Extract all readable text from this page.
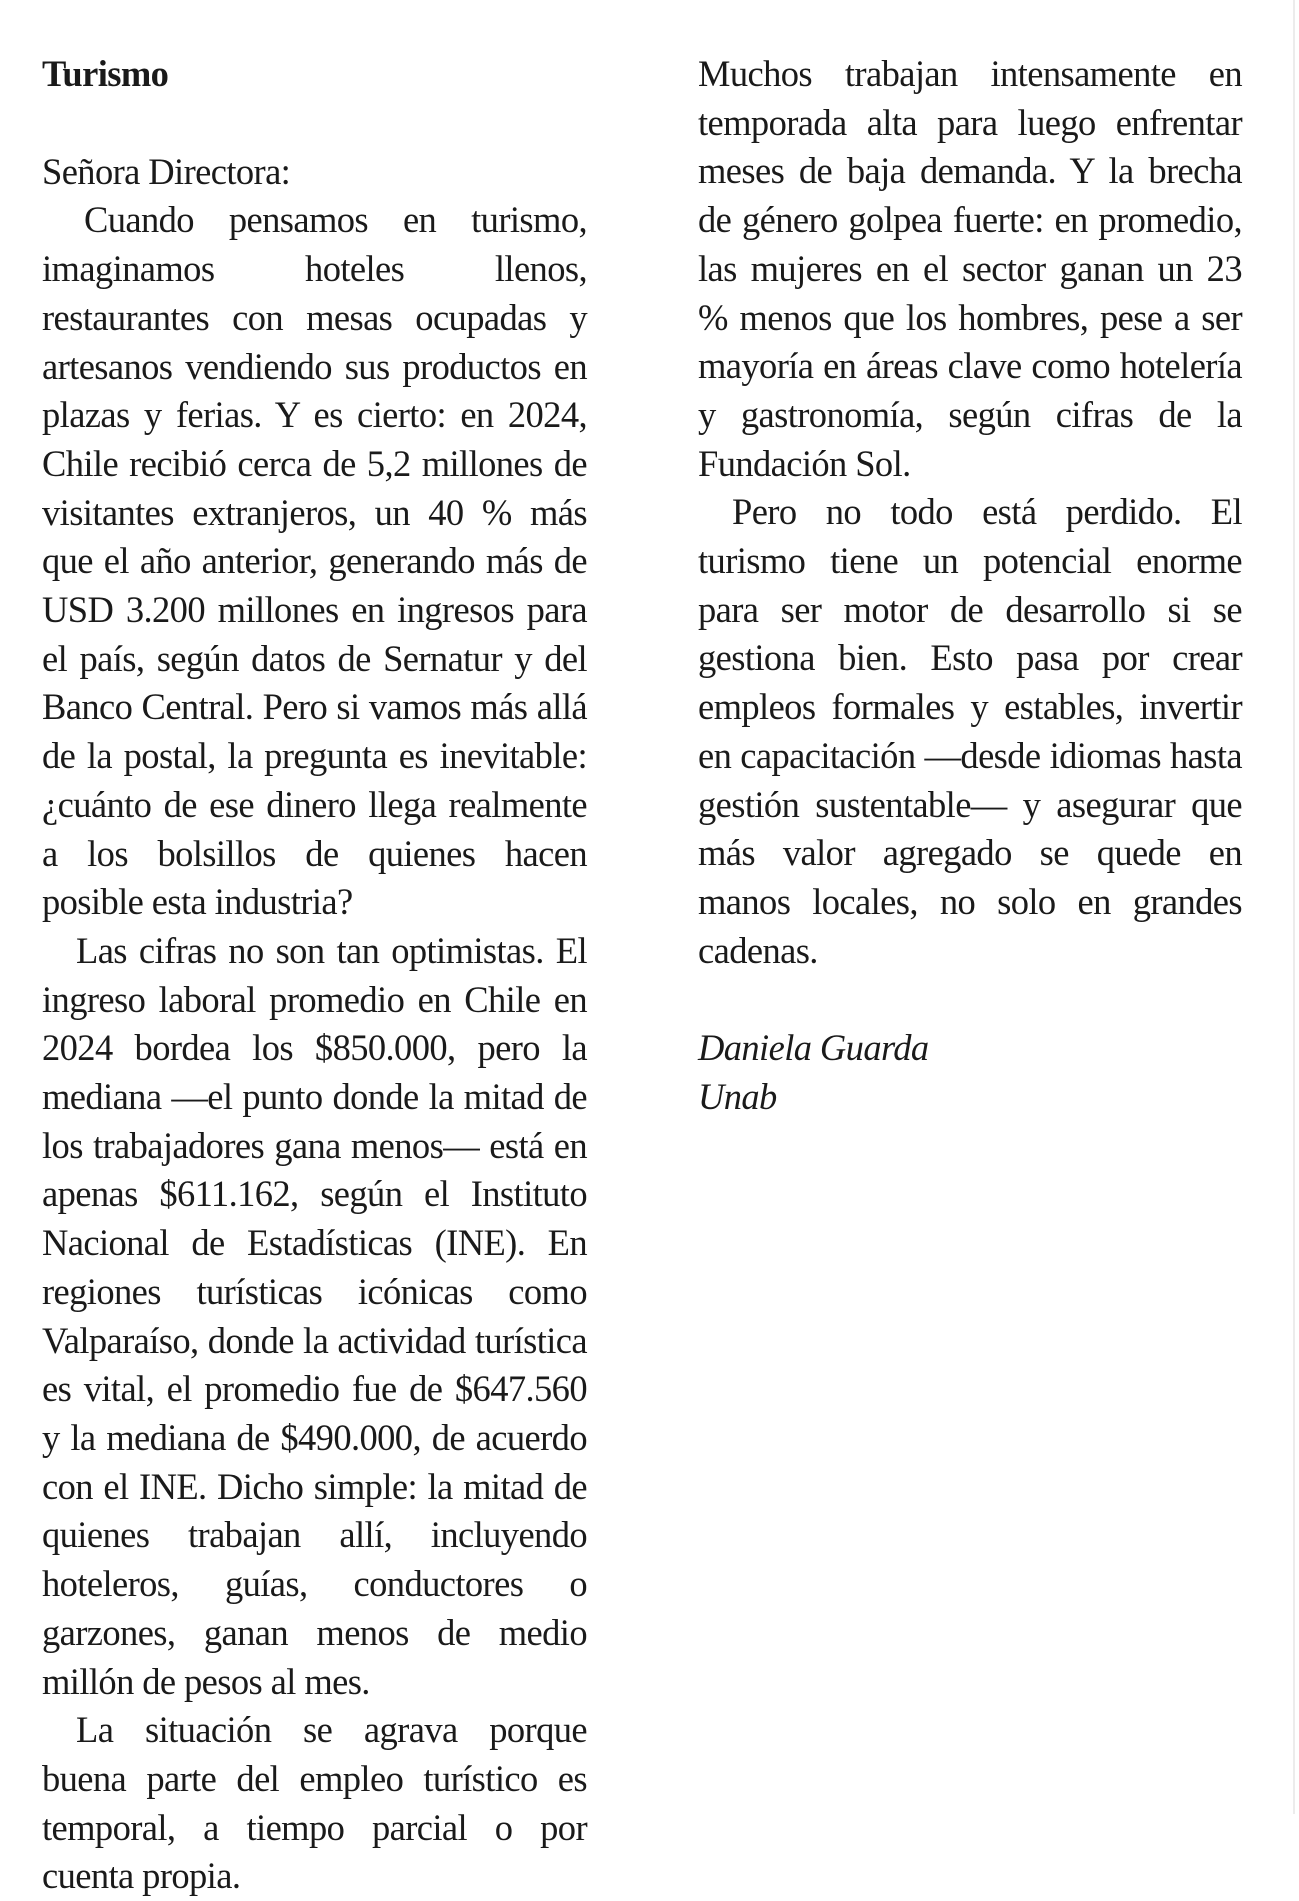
Turismo

Señora Directora:

Cuando pensamos en turismo, imaginamos hoteles llenos, restaurantes con mesas ocupadas y artesanos vendiendo sus productos en plazas y ferias. Y es cierto: en 2024, Chile recibió cerca de 5,2 millones de visitantes extranjeros, un 40 % más que el año anterior, generando más de USD 3.200 millones en ingresos para el país, según datos de Sernatur y del Banco Central. Pero si vamos más allá de la postal, la pregunta es inevitable: ¿cuánto de ese dinero llega realmente a los bolsillos de quienes hacen posible esta industria?

Las cifras no son tan optimistas. El ingreso laboral promedio en Chile en 2024 bordea los $850.000, pero la mediana —el punto donde la mitad de los trabajadores gana menos— está en apenas $611.162, según el Instituto Nacional de Estadísticas (INE). En regiones turísticas icónicas como Valparaíso, donde la actividad turística es vital, el promedio fue de $647.560 y la mediana de $490.000, de acuerdo con el INE. Dicho simple: la mitad de quienes trabajan allí, incluyendo hoteleros, guías, conductores o garzones, ganan menos de medio millón de pesos al mes.

La situación se agrava porque buena parte del empleo turístico es temporal, a tiempo parcial o por cuenta propia.

Muchos trabajan intensamente en temporada alta para luego enfrentar meses de baja demanda. Y la brecha de género golpea fuerte: en promedio, las mujeres en el sector ganan un 23 % menos que los hombres, pese a ser mayoría en áreas clave como hotelería y gastronomía, según cifras de la Fundación Sol.

Pero no todo está perdido. El turismo tiene un potencial enorme para ser motor de desarrollo si se gestiona bien. Esto pasa por crear empleos formales y estables, invertir en capacitación —desde idiomas hasta gestión sustentable— y asegurar que más valor agregado se quede en manos locales, no solo en grandes cadenas.

Daniela Guarda
Unab
